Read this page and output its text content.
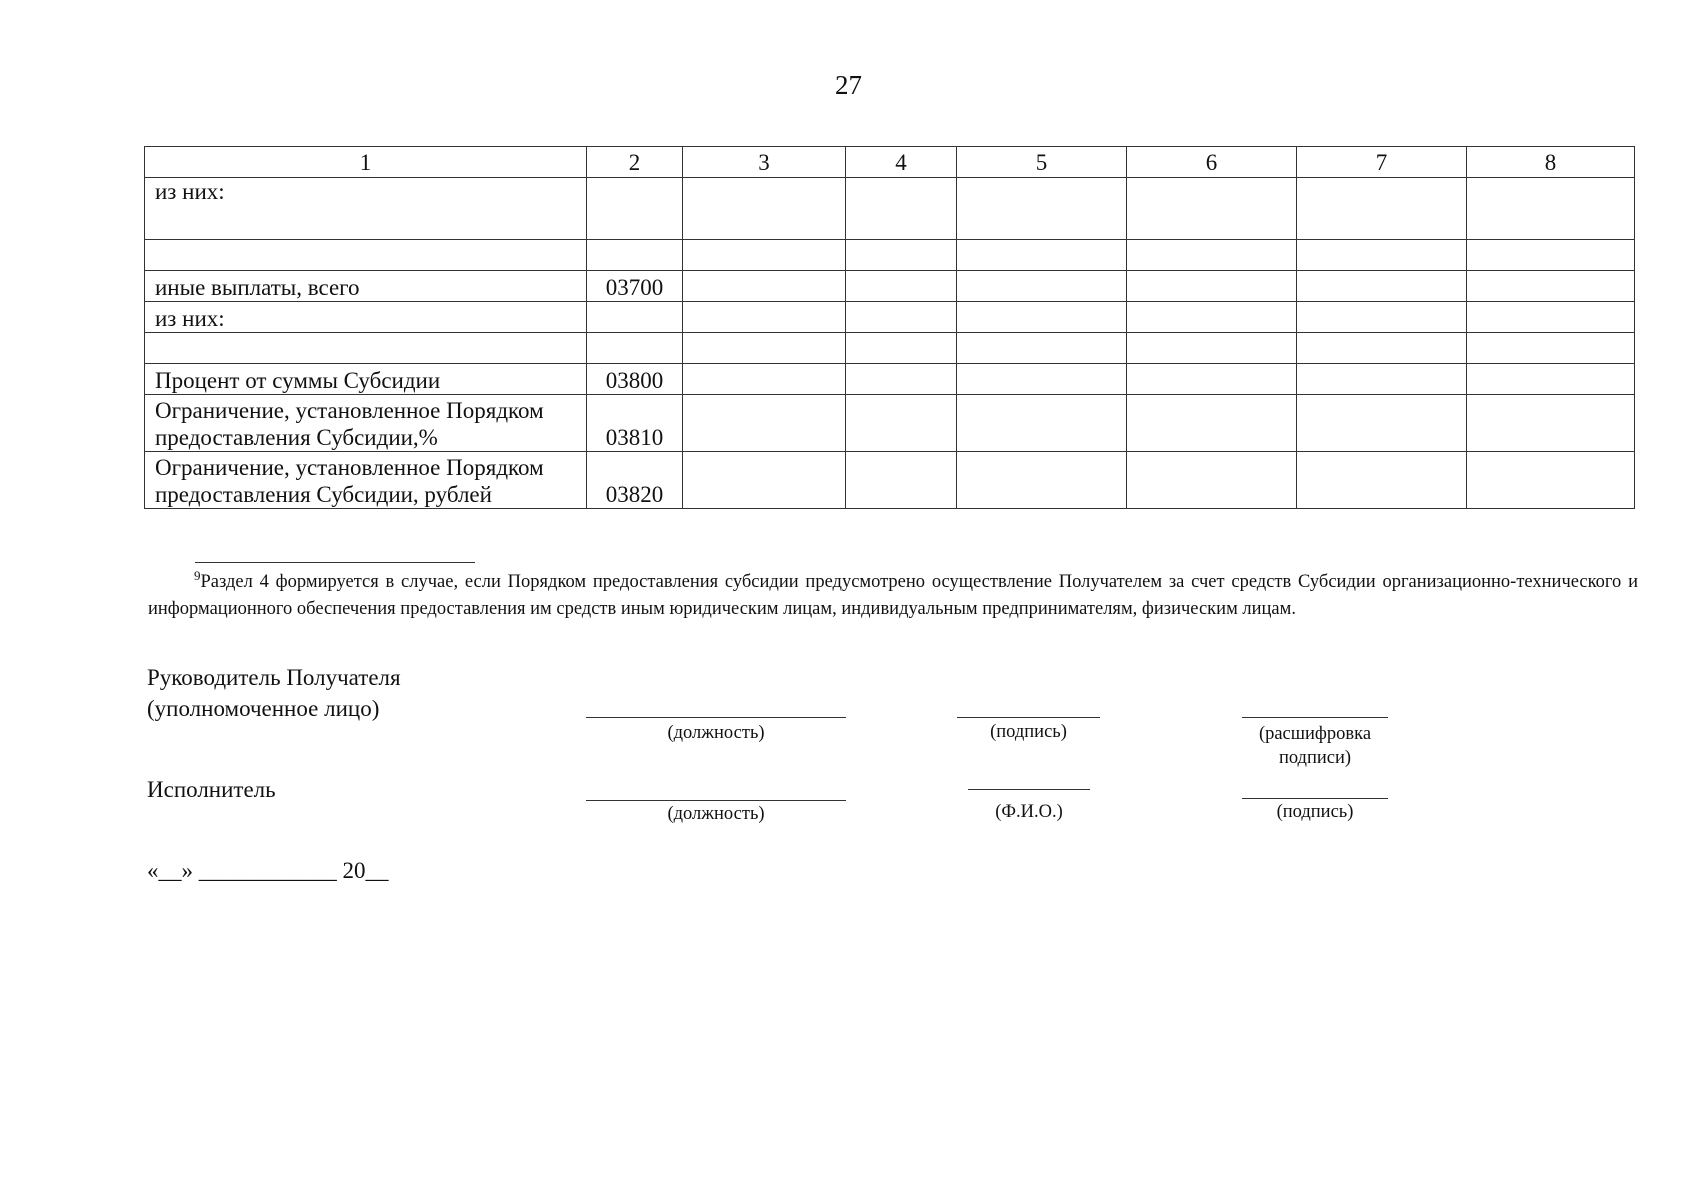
27
1	2	3	4	5	6	7	8
из них:							

иные выплаты, всего	03700						
из них:							

Процент от суммы Субсидии	03800						
Ограничение, установленное Порядком предоставления Субсидии,%	03810						
Ограничение, установленное Порядком предоставления Субсидии, рублей	03820						
$^9$Раздел 4 формируется в случае, если Порядком предоставления субсидии предусмотрено осуществление Получателем за счет средств Субсидии организационно-технического и информационного обеспечения предоставления им средств иным юридическим лицам, индивидуальным предпринимателям, физическим лицам.
Руководитель Получателя
(уполномоченное лицо)
(должность)	(подпись)	(расшифровка подписи)
Исполнитель
(должность)	(Ф.И.О.)	(подпись)
«__» ____________ 20__
